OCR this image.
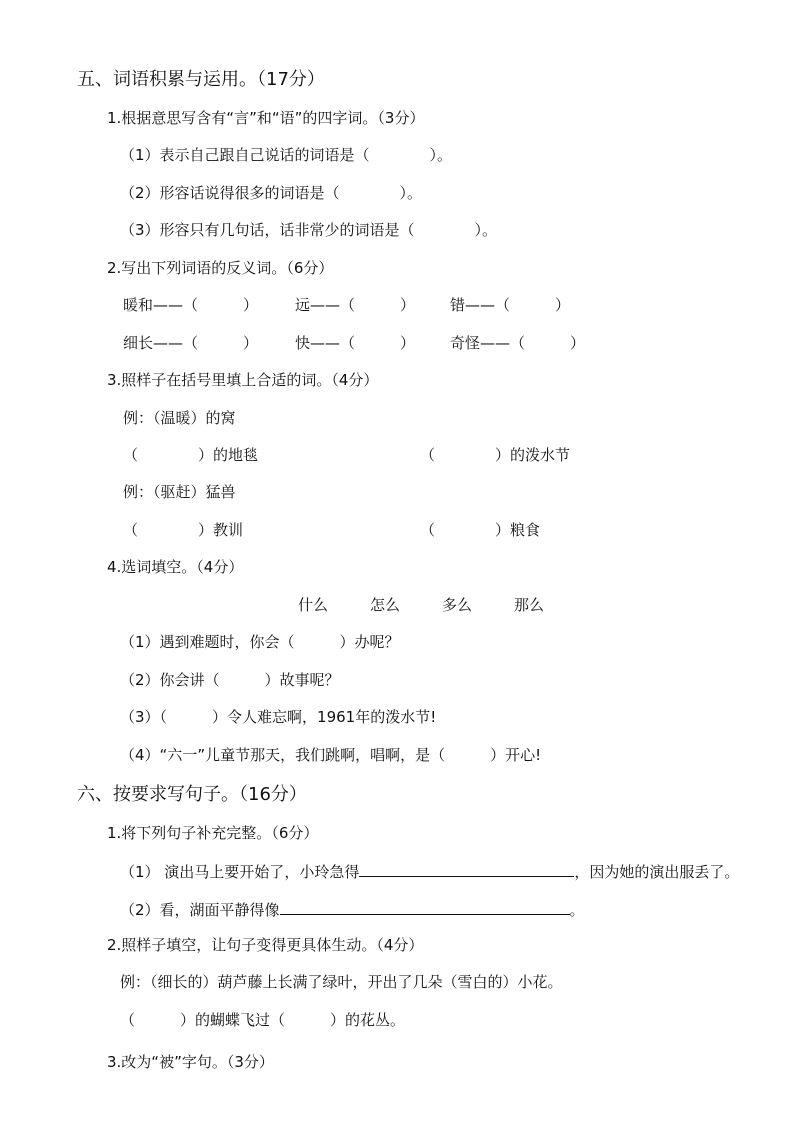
五、词语积累与运用。（17分）
1.根据意思写含有“言”和“语”的四字词。（3分）
（1）表示自己跟自己说话的词语是（　　　　）。
（2）形容话说得很多的词语是（　　　　）。
（3）形容只有几句话，话非常少的词语是（　　　　）。
2.写出下列词语的反义词。（6分）
暖和——（　　　） 远——（　　　） 错——（　　　）
细长——（　　　） 快——（　　　） 奇怪——（　　　）
3.照样子在括号里填上合适的词。（4分）
例：（温暖）的窝
（　　　　）的地毯	（　　　　）的泼水节
例：（驱赶）猛兽
（　　　　）教训	（　　　　）粮食
4.选词填空。（4分）
什么	怎么	多么	那么
（1）遇到难题时，你会（　　　）办呢？
（2）你会讲（　　　）故事呢？
（3）（　　　）令人难忘啊，1961年的泼水节!
（4）“六一”儿童节那天，我们跳啊，唱啊，是（　　　）开心!
六、按要求写句子。（16分）
1.将下列句子补充完整。（6分）
（1） 演出马上要开始了，小玲急得	，因为她的演出服丢了。
（2）看，湖面平静得像	。
2.照样子填空，让句子变得更具体生动。（4分）
例：（细长的）葫芦藤上长满了绿叶，开出了几朵（雪白的）小花。
（　　　）的蝴蝶飞过（　　　）的花丛。
3.改为“被”字句。（3分）
